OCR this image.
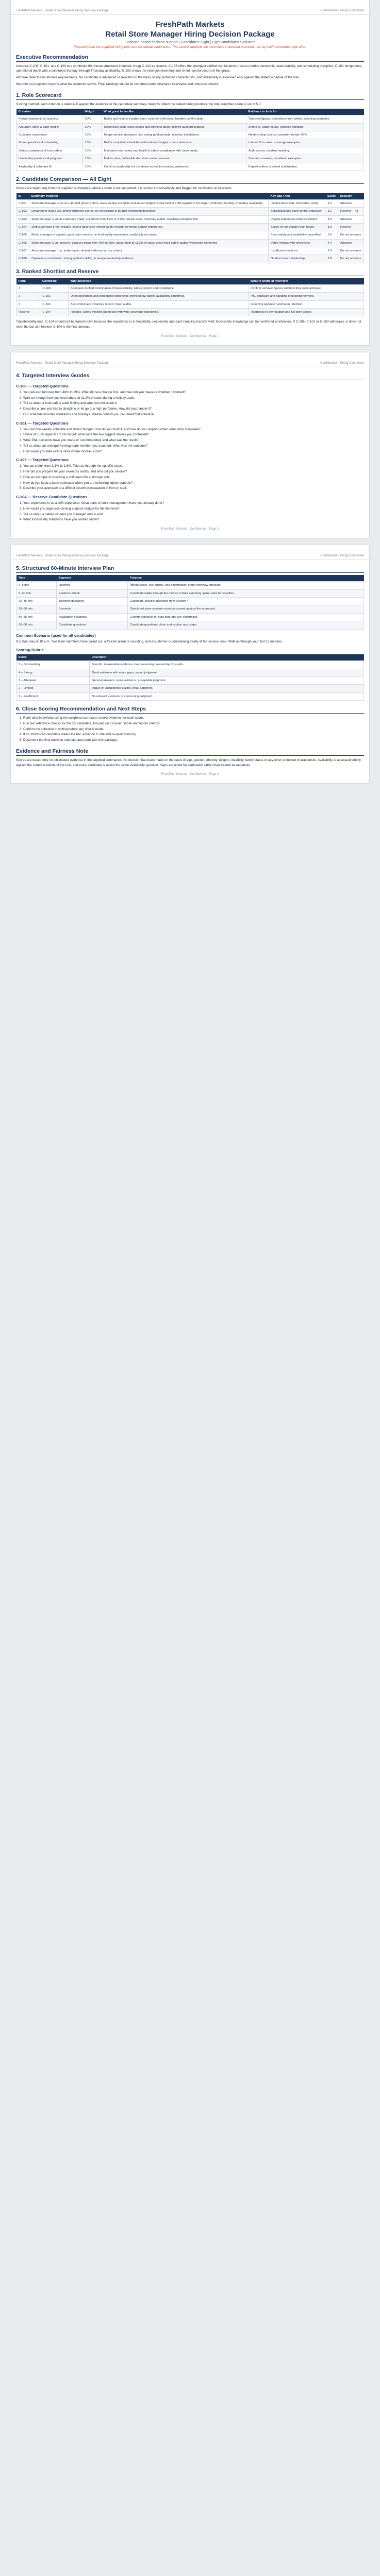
FreshPath Markets · Retail Store Manager Hiring Decision Package	Confidential – Hiring Committee
FreshPath Markets
Retail Store Manager Hiring Decision Package
Evidence-based decision support | Candidates: Eight | Eight candidates evaluated
Prepared from the supplied hiring brief and candidate summaries. This record supports the committee's decision and does not, by itself, constitute a job offer.
Executive Recommendation

Advance C-106, C-101, and C-103 to a combined 60-minute structured interview. Keep C-104 as reserve. C-106 offers the strongest verified combination of store-metrics ownership, team stability, and scheduling discipline; C-101 brings deep operational depth with a confirmed Sunday-through-Thursday availability; C-103 shows the strongest inventory and shrink-control record of the group.

All three clear the must-have requirements. No candidate is advanced or rejected on the basis of any protected characteristic, and availability is assessed only against the stated schedule of the role.

We offer no projection beyond what the evidence shows. Final rankings should be confirmed after structured interviews and reference checks.

1. Role Scorecard

Scoring method: each criterion is rated 1–5 against the evidence in the candidate summary. Weights reflect the stated hiring priorities; the total weighted score is out of 5.0.

Criterion	Weight	What good looks like	Evidence to look for
People leadership & coaching	20%	Builds and retains a stable team; coaches shift leads; handles conflict fairly.	Turnover figures, promotions from within, coaching examples.
Accuracy, stock & cash control	20%	Reconciles cash, stock counts and shrink to target; follows audit procedures.	Shrink %, audit results, variance handling.
Customer experience	15%	Keeps service standards high during peak periods; resolves escalations.	Mystery shop scores, complaint trends, NPS.
Store operations & scheduling	15%	Builds compliant schedules within labour budget; covers absences.	Labour % to sales, coverage examples.
Safety, compliance & food safety	10%	Maintains food-safety and health & safety compliance with clean audits.	Audit scores, incident handling.
Leadership presence & judgment	10%	Makes clear, defensible decisions under pressure.	Scenario answers, escalation examples.
Availability & schedule fit	10%	Confirms availability for the stated schedule including weekends.	Explicit written or verbal confirmation.
2. Candidate Comparison — All Eight

Scores are taken only from the supplied summaries; where a claim is not supported, it is scored conservatively and flagged for verification at interview.

ID	Summary evidence	Key gap / risk	Score	Decision
C-101	Assistant manager 4 yrs at a 40-staff grocery store; owns weekly schedule and labour budget; shrink held at 1.8% against 2.2% target; confirmed Sunday–Thursday availability.	Limited direct P&L ownership; verify.	4.2	Advance
C-102	Department lead 3 yrs; strong customer scores; no scheduling or budget ownership described.	Scheduling and cash control unproven.	3.1	Reserve – no
C-103	Store manager 2 yrs at a discount chain; cut shrink from 3.1% to 1.6%; led two clean inventory audits; coaching examples thin.	People leadership evidence limited.	4.0	Advance
C-104	Shift supervisor 5 yrs; reliable, covers absences; strong safety record; no formal budget experience.	Scope of role smaller than target.	3.6	Reserve
C-105	Retail manager in apparel; good team metrics; no food-safety experience; availability not stated.	Food safety and availability unverified.	3.0	Do not advance
C-106	Store manager 3 yrs, grocery; turnover down from 48% to 29%; labour held at 11.2% of sales; clean food-safety audits; weekends confirmed.	Verify metrics with references.	4.4	Advance
C-107	Assistant manager 1 yr; enthusiastic; limited evidence across criteria.	Insufficient evidence.	2.6	Do not advance
C-108	Operations coordinator; strong systems skills; no people-leadership evidence.	No direct team leadership.	2.8	Do not advance
3. Ranked Shortlist and Reserve
Rank	Candidate	Why advanced	What to probe at interview
1	C-106	Strongest verified combination of team stability, labour control and compliance.	Confirm turnover figures and how they were achieved.
2	C-101	Deep operations and scheduling ownership; shrink below target; availability confirmed.	P&L exposure and handling of underperformers.
3	C-103	Best shrink and inventory record; clean audits.	Coaching approach and team retention.
Reserve	C-104	Reliable, safety-minded supervisor with wide coverage experience.	Readiness to own budget and full store scope.

Transferability note: C-104 should not be turned down because the experience is in hospitality. Leadership and cash handling transfer well; food-safety knowledge can be confirmed at interview. If C-106, C-101 or C-103 withdraws or does not meet the bar at interview, C-104 is the first alternate.

FreshPath Markets · Confidential · Page 1
FreshPath Markets · Retail Store Manager Hiring Decision Package	Confidential – Hiring Committee
4. Targeted Interview Guides
C-106 — Targeted Questions
1. You reduced turnover from 48% to 29%. What did you change first, and how did you measure whether it worked?
2. Walk us through how you kept labour at 11.2% of sales during a holiday peak.
3. Tell us about a food-safety audit finding and what you did about it.
4. Describe a time you had to discipline or let go of a high performer. How did you handle it?
5. Our schedule includes weekends and holidays. Please confirm you can meet that schedule.
C-101 — Targeted Questions
1. You own the weekly schedule and labour budget. How do you build it, and how do you respond when sales drop mid-week?
2. Shrink at 1.8% against a 2.2% target: what were the two biggest drivers you controlled?
3. What P&L decisions have you made or recommended, and what was the result?
4. Tell us about an underperforming team member you coached. What was the outcome?
5. How would you take over a store where morale is low?
C-103 — Targeted Questions
1. You cut shrink from 3.1% to 1.6%. Take us through the specific steps.
2. How did you prepare for your inventory audits, and who did you involve?
3. Give an example of coaching a shift lead into a stronger role.
4. How do you keep a team motivated when you are enforcing tighter controls?
5. Describe your approach to a difficult customer escalation in front of staff.
C-104 — Reserve Candidate Questions
1. Your experience is as a shift supervisor. What parts of store management have you already done?
2. How would you approach owning a labour budget for the first time?
3. Tell us about a safety incident you managed end to end.
4. What food-safety standards have you worked under?
FreshPath Markets · Confidential · Page 2
FreshPath Markets · Retail Store Manager Hiring Decision Package	Confidential – Hiring Committee
5. Structured 60-Minute Interview Plan
Time	Segment	Purpose
0–5 min	Opening	Introductions, role outline, and confirmation of the interview structure.
5–20 min	Evidence check	Candidate walks through the metrics in their summary; panel asks for specifics.
20–35 min	Targeted questions	Candidate-specific questions from Section 4.
35–50 min	Scenario	Structured store-scenario exercise scored against the scorecard.
50–55 min	Availability & logistics	Confirm schedule fit, start date and any constraints.
55–60 min	Candidate questions	Candidate questions; close and explain next steps.
Common Scenario (used for all candidates)

It is Saturday at 10 a.m. Two team members have called out, a freezer alarm is sounding, and a customer is complaining loudly at the service desk. Walk us through your first 15 minutes.

Scoring Rubric
Score	Descriptor
5 – Outstanding	Specific, measurable evidence; clear reasoning; ownership of results.
4 – Strong	Good evidence with minor gaps; sound judgment.
3 – Adequate	General answers; some evidence; acceptable judgment.
2 – Limited	Vague or unsupported claims; weak judgment.
1 – Insufficient	No relevant evidence or concerning judgment.
6. Close Scoring Recommendation and Next Steps
1. Rank after interviews using the weighted scorecard; record evidence for each score.
2. Run two reference checks for the top candidate, focused on turnover, shrink and labour metrics.
3. Confirm the schedule in writing before any offer is made.
4. If no shortlisted candidate meets the bar, advance C-104 and re-open sourcing.
5. Document the final decision rationale and store with this package.
Evidence and Fairness Note

Scores are based only on job-related evidence in the supplied summaries. No decision has been made on the basis of age, gender, ethnicity, religion, disability, family status or any other protected characteristic. Availability is assessed strictly against the stated schedule of the role, and every candidate is asked the same availability question. Gaps are noted for verification rather than treated as negatives.

FreshPath Markets · Confidential · Page 3
